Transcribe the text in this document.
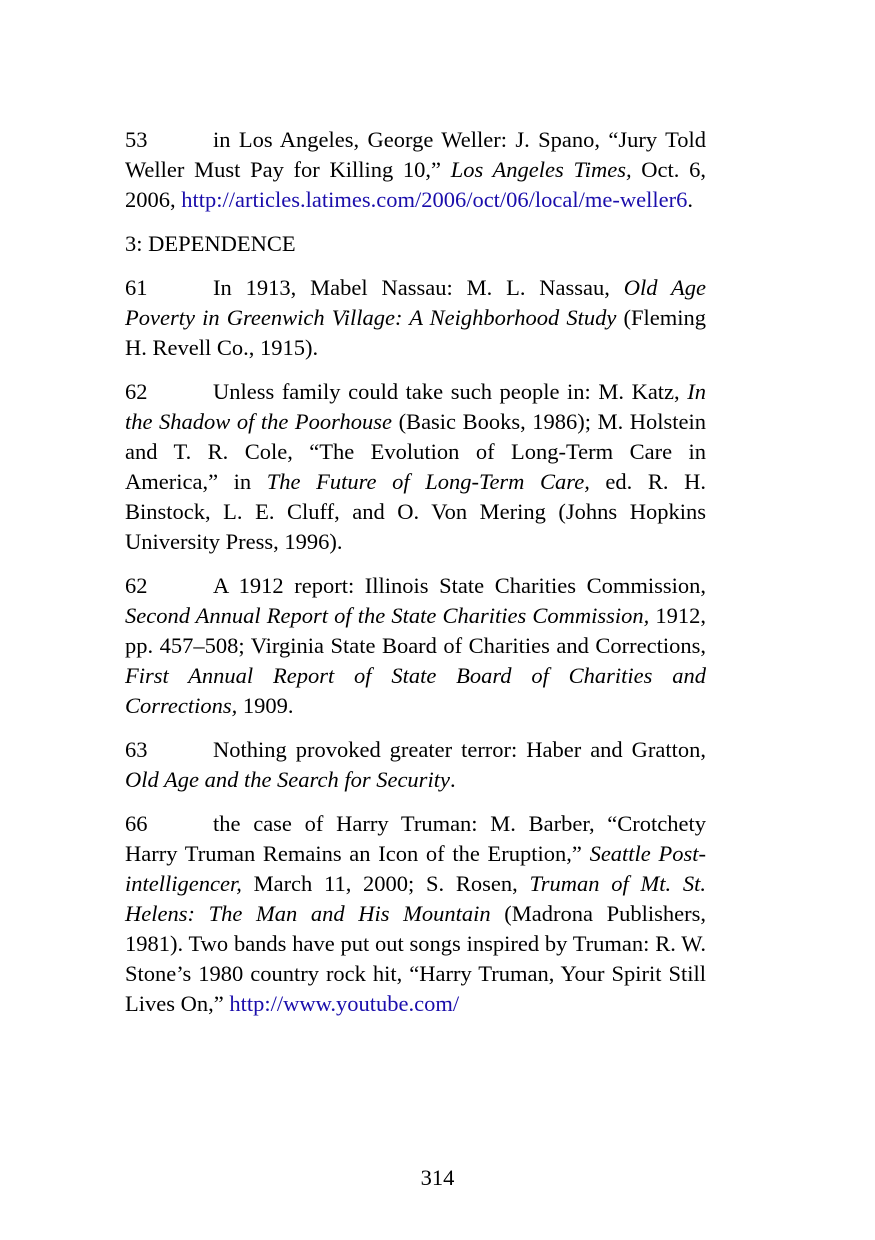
53	in Los Angeles, George Weller: J. Spano, “Jury Told Weller Must Pay for Killing 10,” Los Angeles Times, Oct. 6, 2006, http://articles.latimes.com/2006/oct/06/local/me-weller6.

3: DEPENDENCE

61	In 1913, Mabel Nassau: M. L. Nassau, Old Age Poverty in Greenwich Village: A Neighborhood Study (Fleming H. Revell Co., 1915).

62	Unless family could take such people in: M. Katz, In the Shadow of the Poorhouse (Basic Books, 1986); M. Holstein and T. R. Cole, “The Evolution of Long-Term Care in America,” in The Future of Long-Term Care, ed. R. H. Binstock, L. E. Cluff, and O. Von Mering (Johns Hopkins University Press, 1996).

62	A 1912 report: Illinois State Charities Commission, Second Annual Report of the State Charities Commission, 1912, pp. 457–508; Virginia State Board of Charities and Corrections, First Annual Report of State Board of Charities and Corrections, 1909.

63	Nothing provoked greater terror: Haber and Gratton, Old Age and the Search for Security.

66	the case of Harry Truman: M. Barber, “Crotchety Harry Truman Remains an Icon of the Eruption,” Seattle Post-intelligencer, March 11, 2000; S. Rosen, Truman of Mt. St. Helens: The Man and His Mountain (Madrona Publishers, 1981). Two bands have put out songs inspired by Truman: R. W. Stone’s 1980 country rock hit, “Harry Truman, Your Spirit Still Lives On,” http://www.youtube.com/

314
